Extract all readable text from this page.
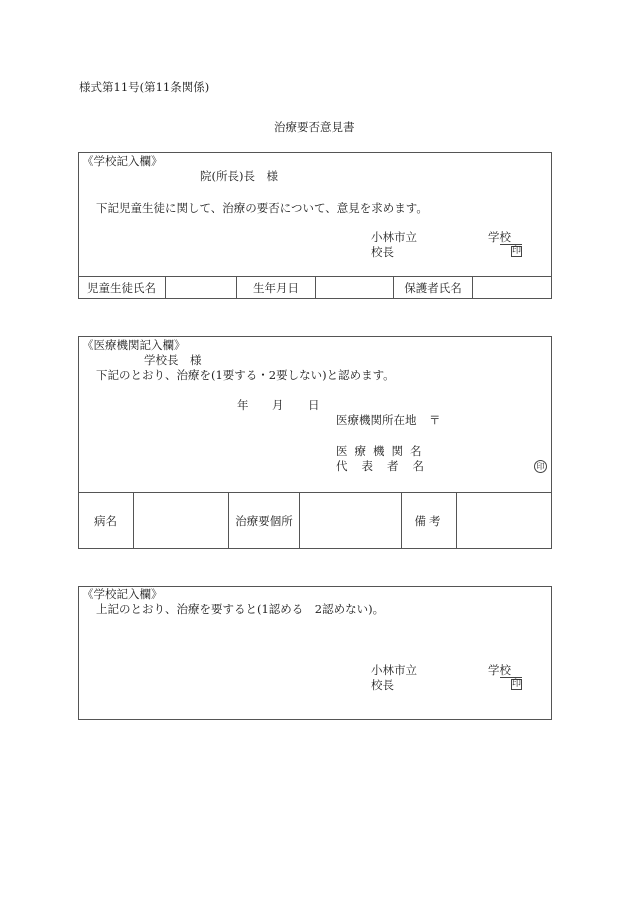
様式第11号(第11条関係)
治療要否意見書
《学校記入欄》
院(所長)長　様
下記児童生徒に関して、治療の要否について、意見を求めます。
小林市立	学校
校長	印
児童生徒氏名	生年月日	保護者氏名
《医療機関記入欄》
学校長　様
下記のとおり、治療を(1要する・2要しない)と認めます。
年 月 日
医療機関所在地 〒
医療機関名
代表者名	印
病名	治療要個所	備考
《学校記入欄》
上記のとおり、治療を要すると(1認める　2認めない)。
小林市立	学校
校長	印
